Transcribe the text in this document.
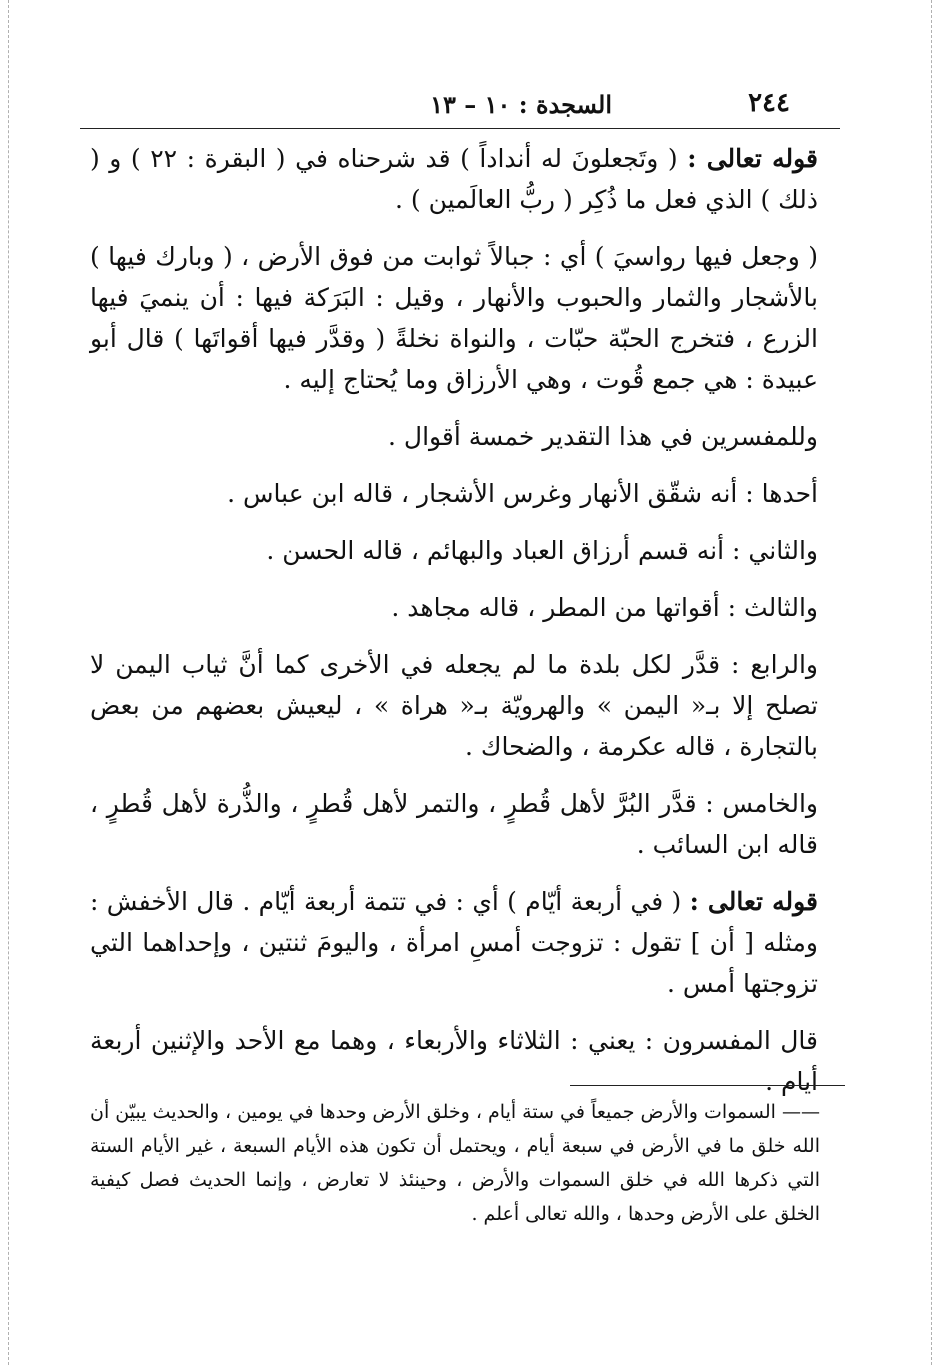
٢٤٤
السجدة : ١٠ – ١٣

قوله تعالى : ( وتَجعلونَ له أنداداً ) قد شرحناه في ( البقرة : ٢٢ ) و ( ذلك ) الذي فعل ما ذُكِر ( ربُّ العالَمين ) .

( وجعل فيها رواسيَ ) أي : جبالاً ثوابت من فوق الأرض ، ( وبارك فيها ) بالأشجار والثمار والحبوب والأنهار ، وقيل : البَرَكة فيها : أن ينميَ فيها الزرع ، فتخرج الحبّة حبّات ، والنواة نخلةً ( وقدَّر فيها أقواتَها ) قال أبو عبيدة : هي جمع قُوت ، وهي الأرزاق وما يُحتاج إليه .

وللمفسرين في هذا التقدير خمسة أقوال .

أحدها : أنه شقّق الأنهار وغرس الأشجار ، قاله ابن عباس .

والثاني : أنه قسم أرزاق العباد والبهائم ، قاله الحسن .

والثالث : أقواتها من المطر ، قاله مجاهد .

والرابع : قدَّر لكل بلدة ما لم يجعله في الأخرى كما أنَّ ثياب اليمن لا تصلح إلا بـ« اليمن » والهرويّة بـ« هراة » ، ليعيش بعضهم من بعض بالتجارة ، قاله عكرمة ، والضحاك .

والخامس : قدَّر البُرَّ لأهل قُطرٍ ، والتمر لأهل قُطرٍ ، والذُّرة لأهل قُطرٍ ، قاله ابن السائب .

قوله تعالى : ( في أربعة أيّام ) أي : في تتمة أربعة أيّام . قال الأخفش : ومثله [ أن ] تقول : تزوجت أمسِ امرأة ، واليومَ ثنتين ، وإحداهما التي تزوجتها أمس .

قال المفسرون : يعني : الثلاثاء والأربعاء ، وهما مع الأحد والإثنين أربعة أيام .

—— السموات والأرض جميعاً في ستة أيام ، وخلق الأرض وحدها في يومين ، والحديث يبيّن أن الله خلق ما في الأرض في سبعة أيام ، ويحتمل أن تكون هذه الأيام السبعة ، غير الأيام الستة التي ذكرها الله في خلق السموات والأرض ، وحينئذ لا تعارض ، وإنما الحديث فصل كيفية الخلق على الأرض وحدها ، والله تعالى أعلم .
